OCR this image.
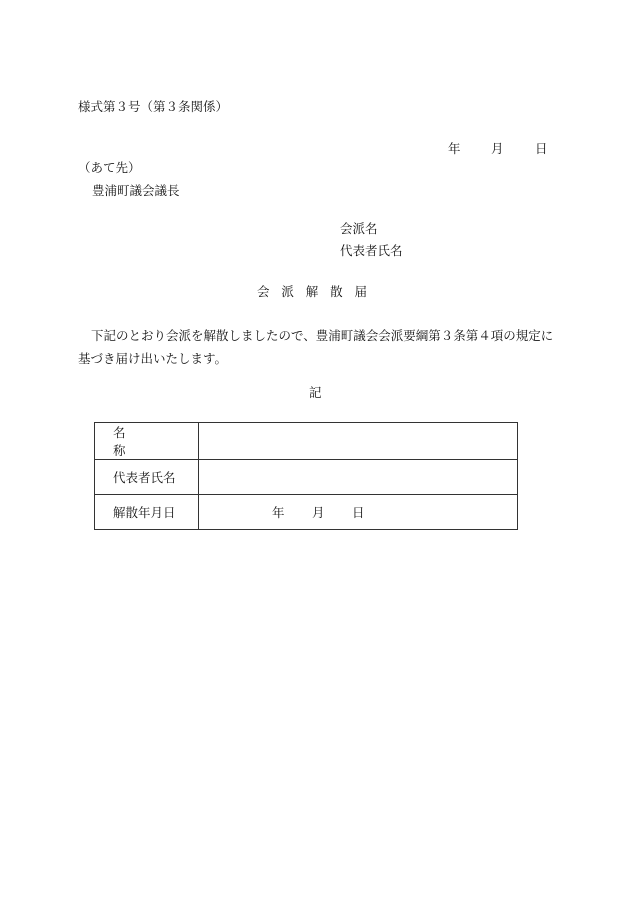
様式第３号（第３条関係）
年 月	日
（あて先）
豊浦町議会議長
会派名
代表者氏名
会派解散届
下記のとおり会派を解散しましたので、豊浦町議会会派要綱第３条第４項の規定に基づき届け出いたします。
記
名称	
代表者氏名	
解散年月日	年 月 日
